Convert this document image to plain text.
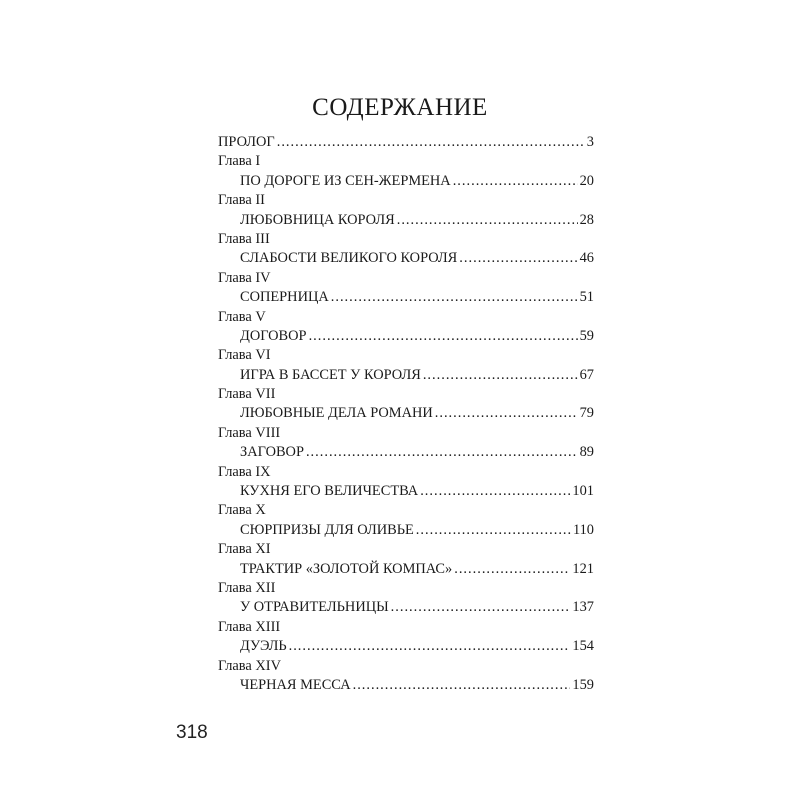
СОДЕРЖАНИЕ
ПРОЛОГ .....	3
Глава I
ПО ДОРОГЕ ИЗ СЕН-ЖЕРМЕНА .....	20
Глава II
ЛЮБОВНИЦА КОРОЛЯ .....	28
Глава III
СЛАБОСТИ ВЕЛИКОГО КОРОЛЯ .....	46
Глава IV
СОПЕРНИЦА .....	51
Глава V
ДОГОВОР .....	59
Глава VI
ИГРА В БАССЕТ У КОРОЛЯ .....	67
Глава VII
ЛЮБОВНЫЕ ДЕЛА РОМАНИ .....	79
Глава VIII
ЗАГОВОР .....	89
Глава IX
КУХНЯ ЕГО ВЕЛИЧЕСТВА .....	101
Глава X
СЮРПРИЗЫ ДЛЯ ОЛИВЬЕ .....	110
Глава XI
ТРАКТИР «ЗОЛОТОЙ КОМПАС» .....	121
Глава XII
У ОТРАВИТЕЛЬНИЦЫ .....	137
Глава XIII
ДУЭЛЬ .....	154
Глава XIV
ЧЕРНАЯ МЕССА .....	159
318
